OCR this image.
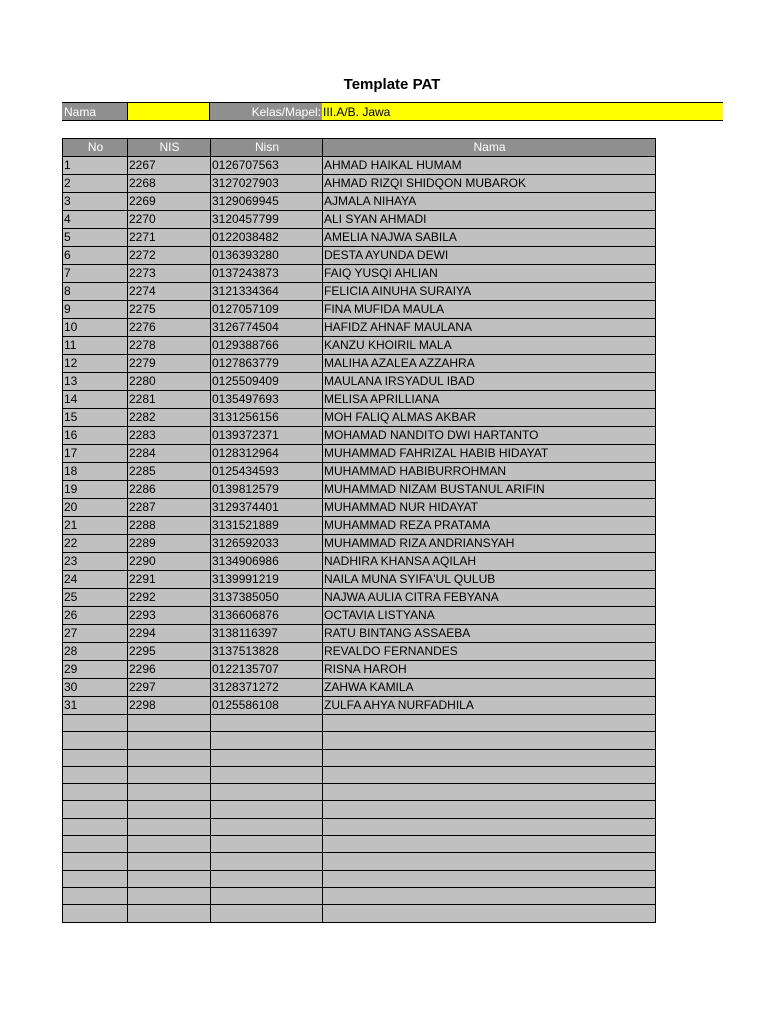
Template PAT
Nama	Kelas/Mapel: III.A/B. Jawa
No	NIS	Nisn	Nama
1	2267	0126707563	AHMAD HAIKAL HUMAM
2	2268	3127027903	AHMAD RIZQI SHIDQON MUBAROK
3	2269	3129069945	AJMALA NIHAYA
4	2270	3120457799	ALI SYAN AHMADI
5	2271	0122038482	AMELIA NAJWA SABILA
6	2272	0136393280	DESTA AYUNDA DEWI
7	2273	0137243873	FAIQ YUSQI AHLIAN
8	2274	3121334364	FELICIA AINUHA SURAIYA
9	2275	0127057109	FINA MUFIDA MAULA
10	2276	3126774504	HAFIDZ AHNAF MAULANA
11	2278	0129388766	KANZU KHOIRIL MALA
12	2279	0127863779	MALIHA AZALEA AZZAHRA
13	2280	0125509409	MAULANA IRSYADUL IBAD
14	2281	0135497693	MELISA APRILLIANA
15	2282	3131256156	MOH FALIQ ALMAS AKBAR
16	2283	0139372371	MOHAMAD NANDITO DWI HARTANTO
17	2284	0128312964	MUHAMMAD FAHRIZAL HABIB HIDAYAT
18	2285	0125434593	MUHAMMAD HABIBURROHMAN
19	2286	0139812579	MUHAMMAD NIZAM BUSTANUL ARIFIN
20	2287	3129374401	MUHAMMAD NUR HIDAYAT
21	2288	3131521889	MUHAMMAD REZA PRATAMA
22	2289	3126592033	MUHAMMAD RIZA ANDRIANSYAH
23	2290	3134906986	NADHIRA KHANSA AQILAH
24	2291	3139991219	NAILA MUNA SYIFA'UL QULUB
25	2292	3137385050	NAJWA AULIA CITRA FEBYANA
26	2293	3136606876	OCTAVIA LISTYANA
27	2294	3138116397	RATU BINTANG ASSAEBA
28	2295	3137513828	REVALDO FERNANDES
29	2296	0122135707	RISNA HAROH
30	2297	3128371272	ZAHWA KAMILA
31	2298	0125586108	ZULFA AHYA NURFADHILA
